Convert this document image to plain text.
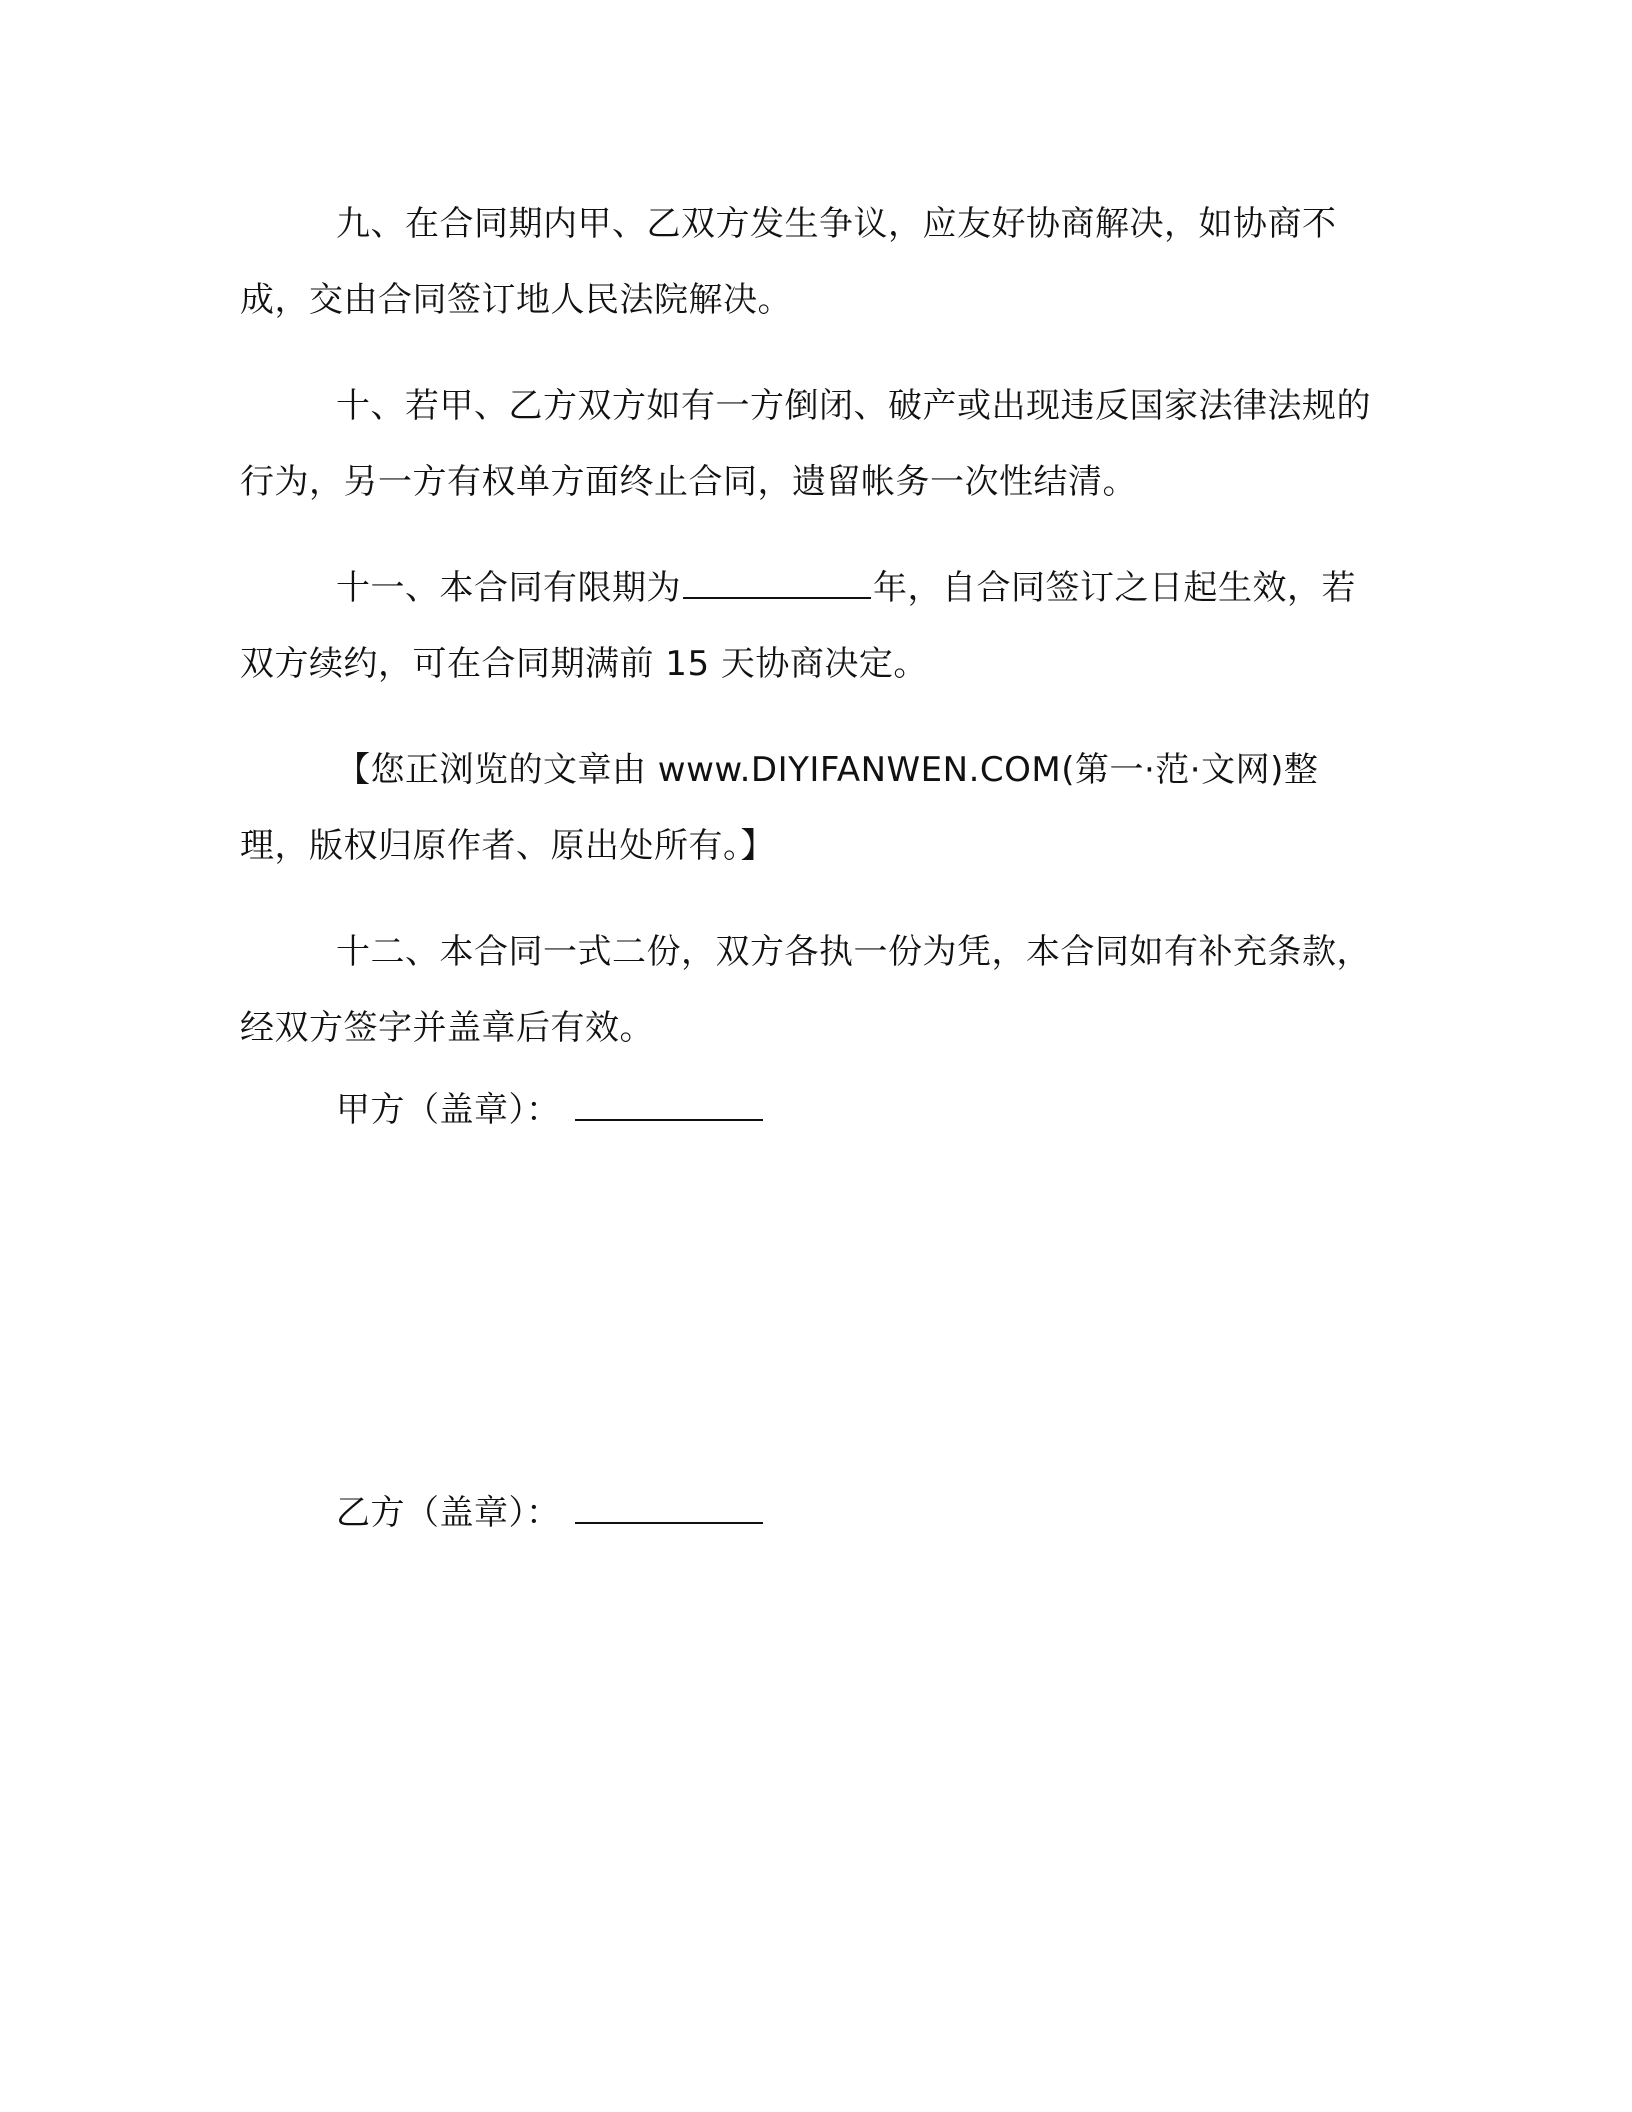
九、在合同期内甲、乙双方发生争议，应友好协商解决，如协商不成，交由合同签订地人民法院解决。

十、若甲、乙方双方如有一方倒闭、破产或出现违反国家法律法规的行为，另一方有权单方面终止合同，遗留帐务一次性结清。

十一、本合同有限期为	年，自合同签订之日起生效，若双方续约，可在合同期满前 15 天协商决定。

【您正浏览的文章由 www.DIYIFANWEN.COM(第一·范·文网)整理，版权归原作者、原出处所有。】

十二、本合同一式二份，双方各执一份为凭，本合同如有补充条款，经双方签字并盖章后有效。

甲方（盖章）：
乙方（盖章）：
